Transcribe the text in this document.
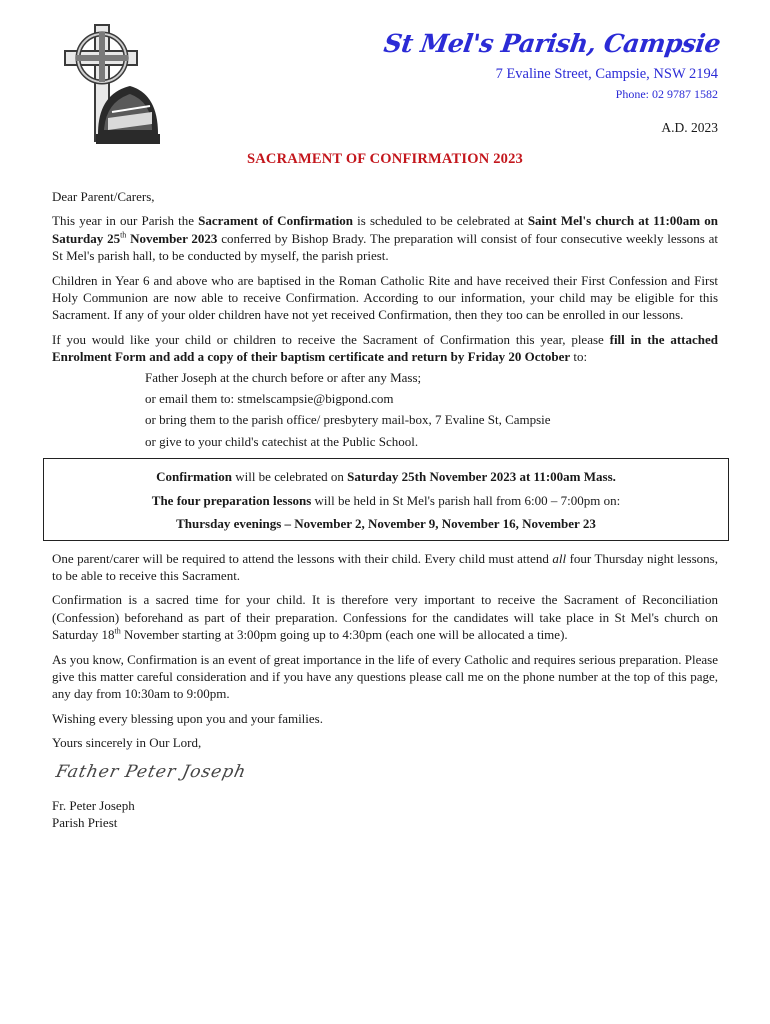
St Mel's Parish, Campsie
7 Evaline Street, Campsie, NSW 2194
Phone: 02 9787 1582
A.D. 2023
SACRAMENT OF CONFIRMATION 2023

Dear Parent/Carers,

This year in our Parish the Sacrament of Confirmation is scheduled to be celebrated at Saint Mel's church at 11:00am on Saturday 25th November 2023 conferred by Bishop Brady. The preparation will consist of four consecutive weekly lessons at St Mel's parish hall, to be conducted by myself, the parish priest.

Children in Year 6 and above who are baptised in the Roman Catholic Rite and have received their First Confession and First Holy Communion are now able to receive Confirmation. According to our information, your child may be eligible for this Sacrament. If any of your older children have not yet received Confirmation, then they too can be enrolled in our lessons.

If you would like your child or children to receive the Sacrament of Confirmation this year, please fill in the attached Enrolment Form and add a copy of their baptism certificate and return by Friday 20 October to:

Father Joseph at the church before or after any Mass;
or email them to: stmelscampsie@bigpond.com
or bring them to the parish office/ presbytery mail-box, 7 Evaline St, Campsie
or give to your child's catechist at the Public School.
Confirmation will be celebrated on Saturday 25th November 2023 at 11:00am Mass.
The four preparation lessons will be held in St Mel's parish hall from 6:00 – 7:00pm on:
Thursday evenings – November 2, November 9, November 16, November 23

One parent/carer will be required to attend the lessons with their child. Every child must attend all four Thursday night lessons, to be able to receive this Sacrament.

Confirmation is a sacred time for your child. It is therefore very important to receive the Sacrament of Reconciliation (Confession) beforehand as part of their preparation. Confessions for the candidates will take place in St Mel's church on Saturday 18th November starting at 3:00pm going up to 4:30pm (each one will be allocated a time).

As you know, Confirmation is an event of great importance in the life of every Catholic and requires serious preparation. Please give this matter careful consideration and if you have any questions please call me on the phone number at the top of this page, any day from 10:30am to 9:00pm.

Wishing every blessing upon you and your families.

Yours sincerely in Our Lord,

Father Peter Joseph

Fr. Peter Joseph

Parish Priest
